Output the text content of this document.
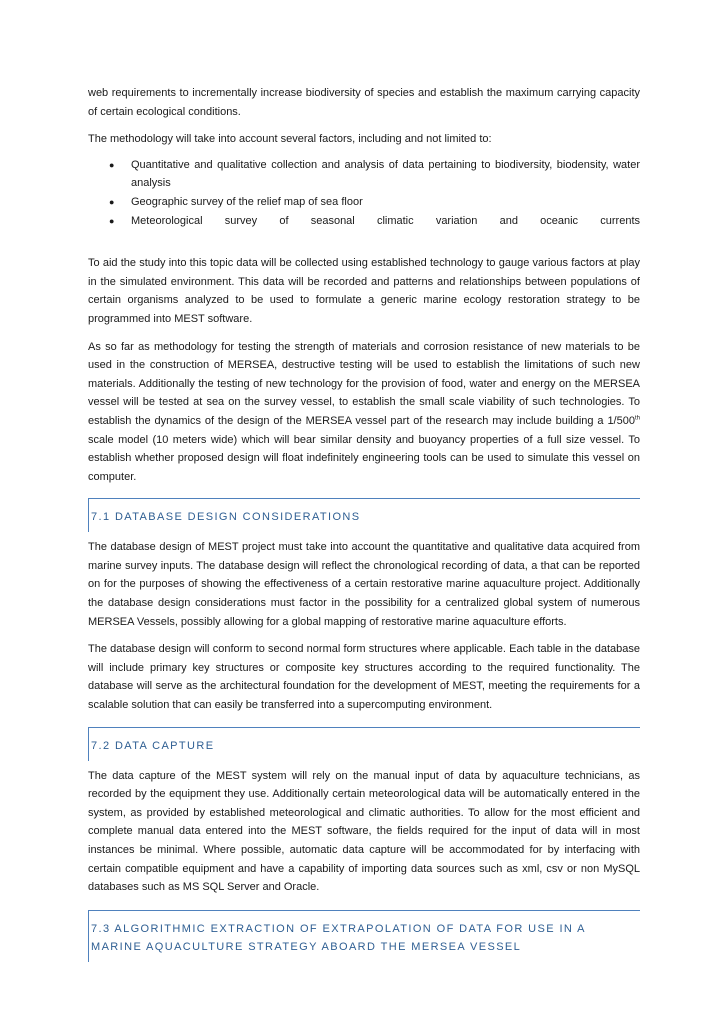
web requirements to incrementally increase biodiversity of species and establish the maximum carrying capacity of certain ecological conditions.

The methodology will take into account several factors, including and not limited to:

● Quantitative and qualitative collection and analysis of data pertaining to biodiversity, biodensity, water analysis
● Geographic survey of the relief map of sea floor
● Meteorological survey of seasonal climatic variation and oceanic currents

To aid the study into this topic data will be collected using established technology to gauge various factors at play in the simulated environment. This data will be recorded and patterns and relationships between populations of certain organisms analyzed to be used to formulate a generic marine ecology restoration strategy to be programmed into MEST software.

As so far as methodology for testing the strength of materials and corrosion resistance of new materials to be used in the construction of MERSEA, destructive testing will be used to establish the limitations of such new materials. Additionally the testing of new technology for the provision of food, water and energy on the MERSEA vessel will be tested at sea on the survey vessel, to establish the small scale viability of such technologies. To establish the dynamics of the design of the MERSEA vessel part of the research may include building a 1/500th scale model (10 meters wide) which will bear similar density and buoyancy properties of a full size vessel. To establish whether proposed design will float indefinitely engineering tools can be used to simulate this vessel on computer.

7.1 DATABASE DESIGN CONSIDERATIONS

The database design of MEST project must take into account the quantitative and qualitative data acquired from marine survey inputs. The database design will reflect the chronological recording of data, a that can be reported on for the purposes of showing the effectiveness of a certain restorative marine aquaculture project. Additionally the database design considerations must factor in the possibility for a centralized global system of numerous MERSEA Vessels, possibly allowing for a global mapping of restorative marine aquaculture efforts.

The database design will conform to second normal form structures where applicable. Each table in the database will include primary key structures or composite key structures according to the required functionality. The database will serve as the architectural foundation for the development of MEST, meeting the requirements for a scalable solution that can easily be transferred into a supercomputing environment.

7.2 DATA CAPTURE

The data capture of the MEST system will rely on the manual input of data by aquaculture technicians, as recorded by the equipment they use. Additionally certain meteorological data will be automatically entered in the system, as provided by established meteorological and climatic authorities. To allow for the most efficient and complete manual data entered into the MEST software, the fields required for the input of data will in most instances be minimal. Where possible, automatic data capture will be accommodated for by interfacing with certain compatible equipment and have a capability of importing data sources such as xml, csv or non MySQL databases such as MS SQL Server and Oracle.

7.3 ALGORITHMIC EXTRACTION OF EXTRAPOLATION OF DATA FOR USE IN A MARINE AQUACULTURE STRATEGY ABOARD THE MERSEA VESSEL
